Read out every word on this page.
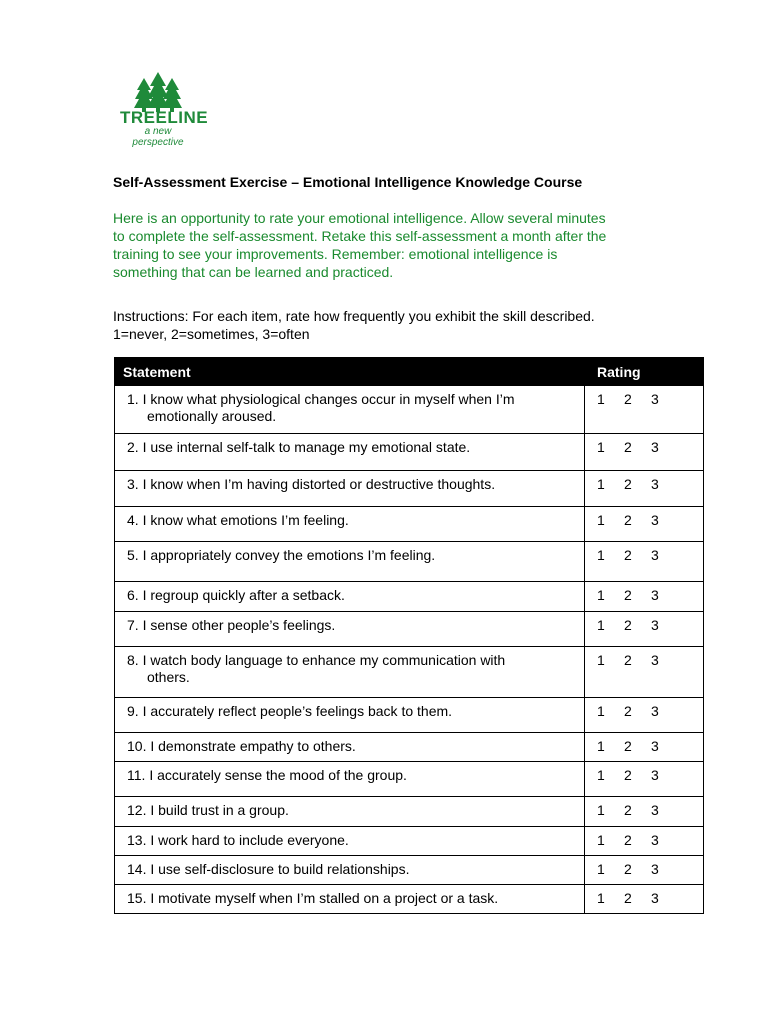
TREELINE
a new perspective
Self-Assessment Exercise – Emotional Intelligence Knowledge Course
Here is an opportunity to rate your emotional intelligence. Allow several minutes
to complete the self-assessment. Retake this self-assessment a month after the
training to see your improvements. Remember: emotional intelligence is
something that can be learned and practiced.
Instructions: For each item, rate how frequently you exhibit the skill described.
1=never, 2=sometimes, 3=often
Statement	Rating
1. I know what physiological changes occur in myself when I’m
emotionally aroused.	1 2 3
2. I use internal self-talk to manage my emotional state.	1 2 3
3. I know when I’m having distorted or destructive thoughts.	1 2 3
4. I know what emotions I’m feeling.	1 2 3
5. I appropriately convey the emotions I’m feeling.	1 2 3
6. I regroup quickly after a setback.	1 2 3
7. I sense other people’s feelings.	1 2 3
8. I watch body language to enhance my communication with
others.	1 2 3
9. I accurately reflect people’s feelings back to them.	1 2 3
10. I demonstrate empathy to others.	1 2 3
11. I accurately sense the mood of the group.	1 2 3
12. I build trust in a group.	1 2 3
13. I work hard to include everyone.	1 2 3
14. I use self-disclosure to build relationships.	1 2 3
15. I motivate myself when I’m stalled on a project or a task.	1 2 3
